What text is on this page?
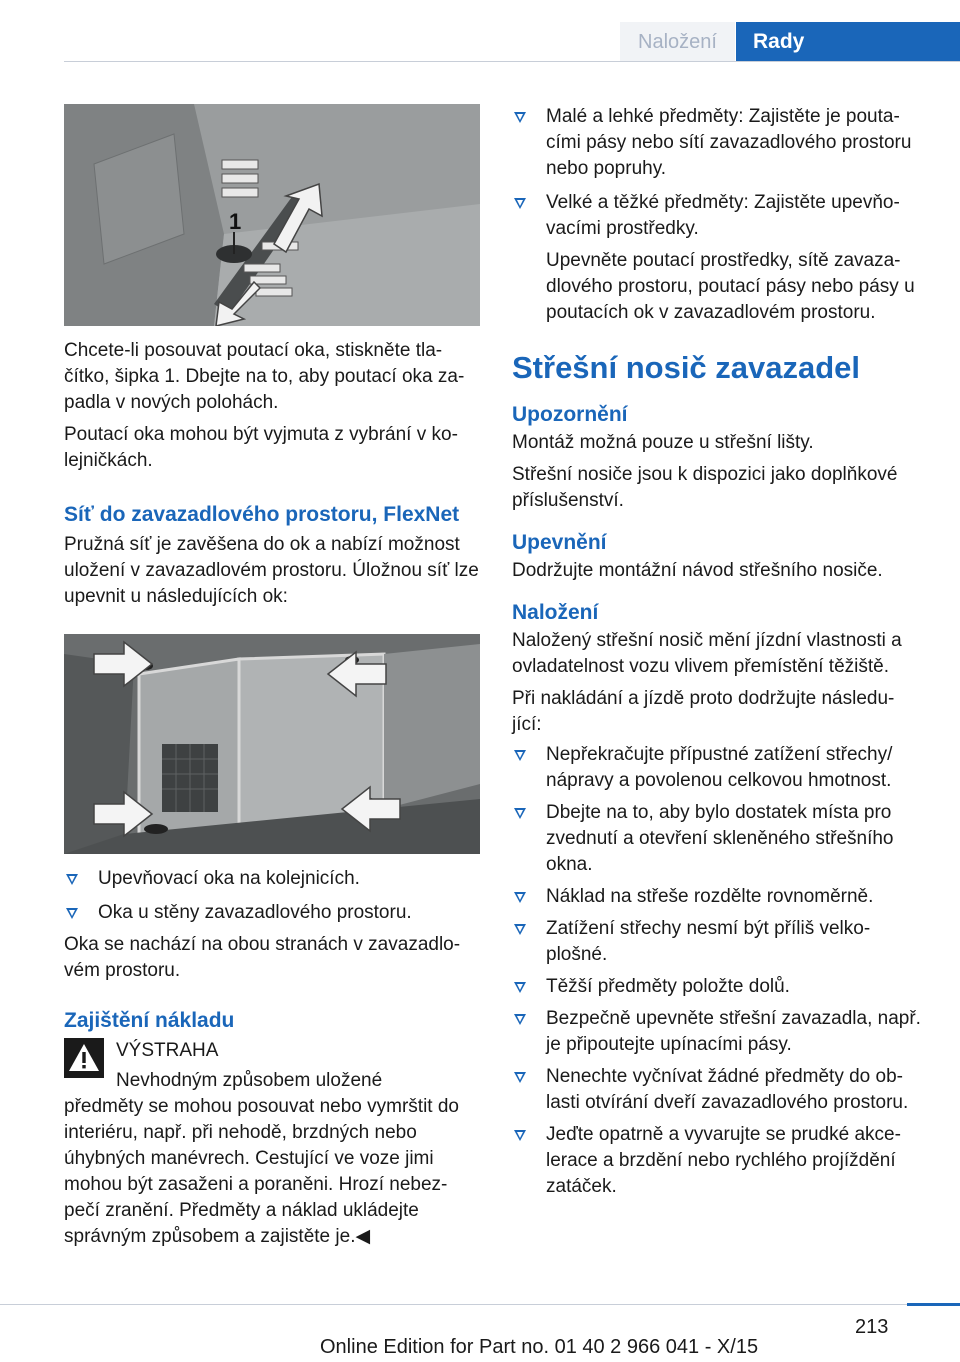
Naložení Rady
1

Chcete-li posouvat poutací oka, stiskněte tla‐ čítko, šipka 1. Dbejte na to, aby poutací oka za‐ padla v nových polohách.

Poutací oka mohou být vyjmuta z vybrání v ko‐ lejničkách.

Síť do zavazadlového prostoru, FlexNet

Pružná síť je zavěšena do ok a nabízí možnost uložení v zavazadlovém prostoru. Úložnou síť lze upevnit u následujících ok:

Upevňovací oka na kolejnicích.
Oka u stěny zavazadlového prostoru.

Oka se nachází na obou stranách v zavazadlo‐ vém prostoru.

Zajištění nákladu

VÝSTRAHA

Nevhodným způsobem uložené

předměty se mohou posouvat nebo vymrštit do interiéru, např. při nehodě, brzdných nebo úhybných manévrech. Cestující ve voze jimi mohou být zasaženi a poraněni. Hrozí nebez‐ pečí zranění. Předměty a náklad ukládejte správným způsobem a zajistěte je.◀

Malé a lehké předměty: Zajistěte je pouta‐ cími pásy nebo sítí zavazadlového prostoru nebo popruhy.
Velké a těžké předměty: Zajistěte upevňo‐ vacími prostředky.

Upevněte poutací prostředky, sítě zavaza‐ dlového prostoru, poutací pásy nebo pásy u poutacích ok v zavazadlovém prostoru.

Střešní nosič zavazadel

Upozornění

Montáž možná pouze u střešní lišty.

Střešní nosiče jsou k dispozici jako doplňkové příslušenství.

Upevnění

Dodržujte montážní návod střešního nosiče.

Naložení

Naložený střešní nosič mění jízdní vlastnosti a ovladatelnost vozu vlivem přemístění těžiště.

Při nakládání a jízdě proto dodržujte následu‐ jící:

Nepřekračujte přípustné zatížení střechy/ nápravy a povolenou celkovou hmotnost.
Dbejte na to, aby bylo dostatek místa pro zvednutí a otevření skleněného střešního okna.
Náklad na střeše rozdělte rovnoměrně.
Zatížení střechy nesmí být příliš velko‐ plošné.
Těžší předměty položte dolů.
Bezpečně upevněte střešní zavazadla, např. je připoutejte upínacími pásy.
Nenechte vyčnívat žádné předměty do ob‐ lasti otvírání dveří zavazadlového prostoru.
Jeďte opatrně a vyvarujte se prudké akce‐ lerace a brzdění nebo rychlého projíždění zatáček.
213
Online Edition for Part no. 01 40 2 966 041 - X/15
